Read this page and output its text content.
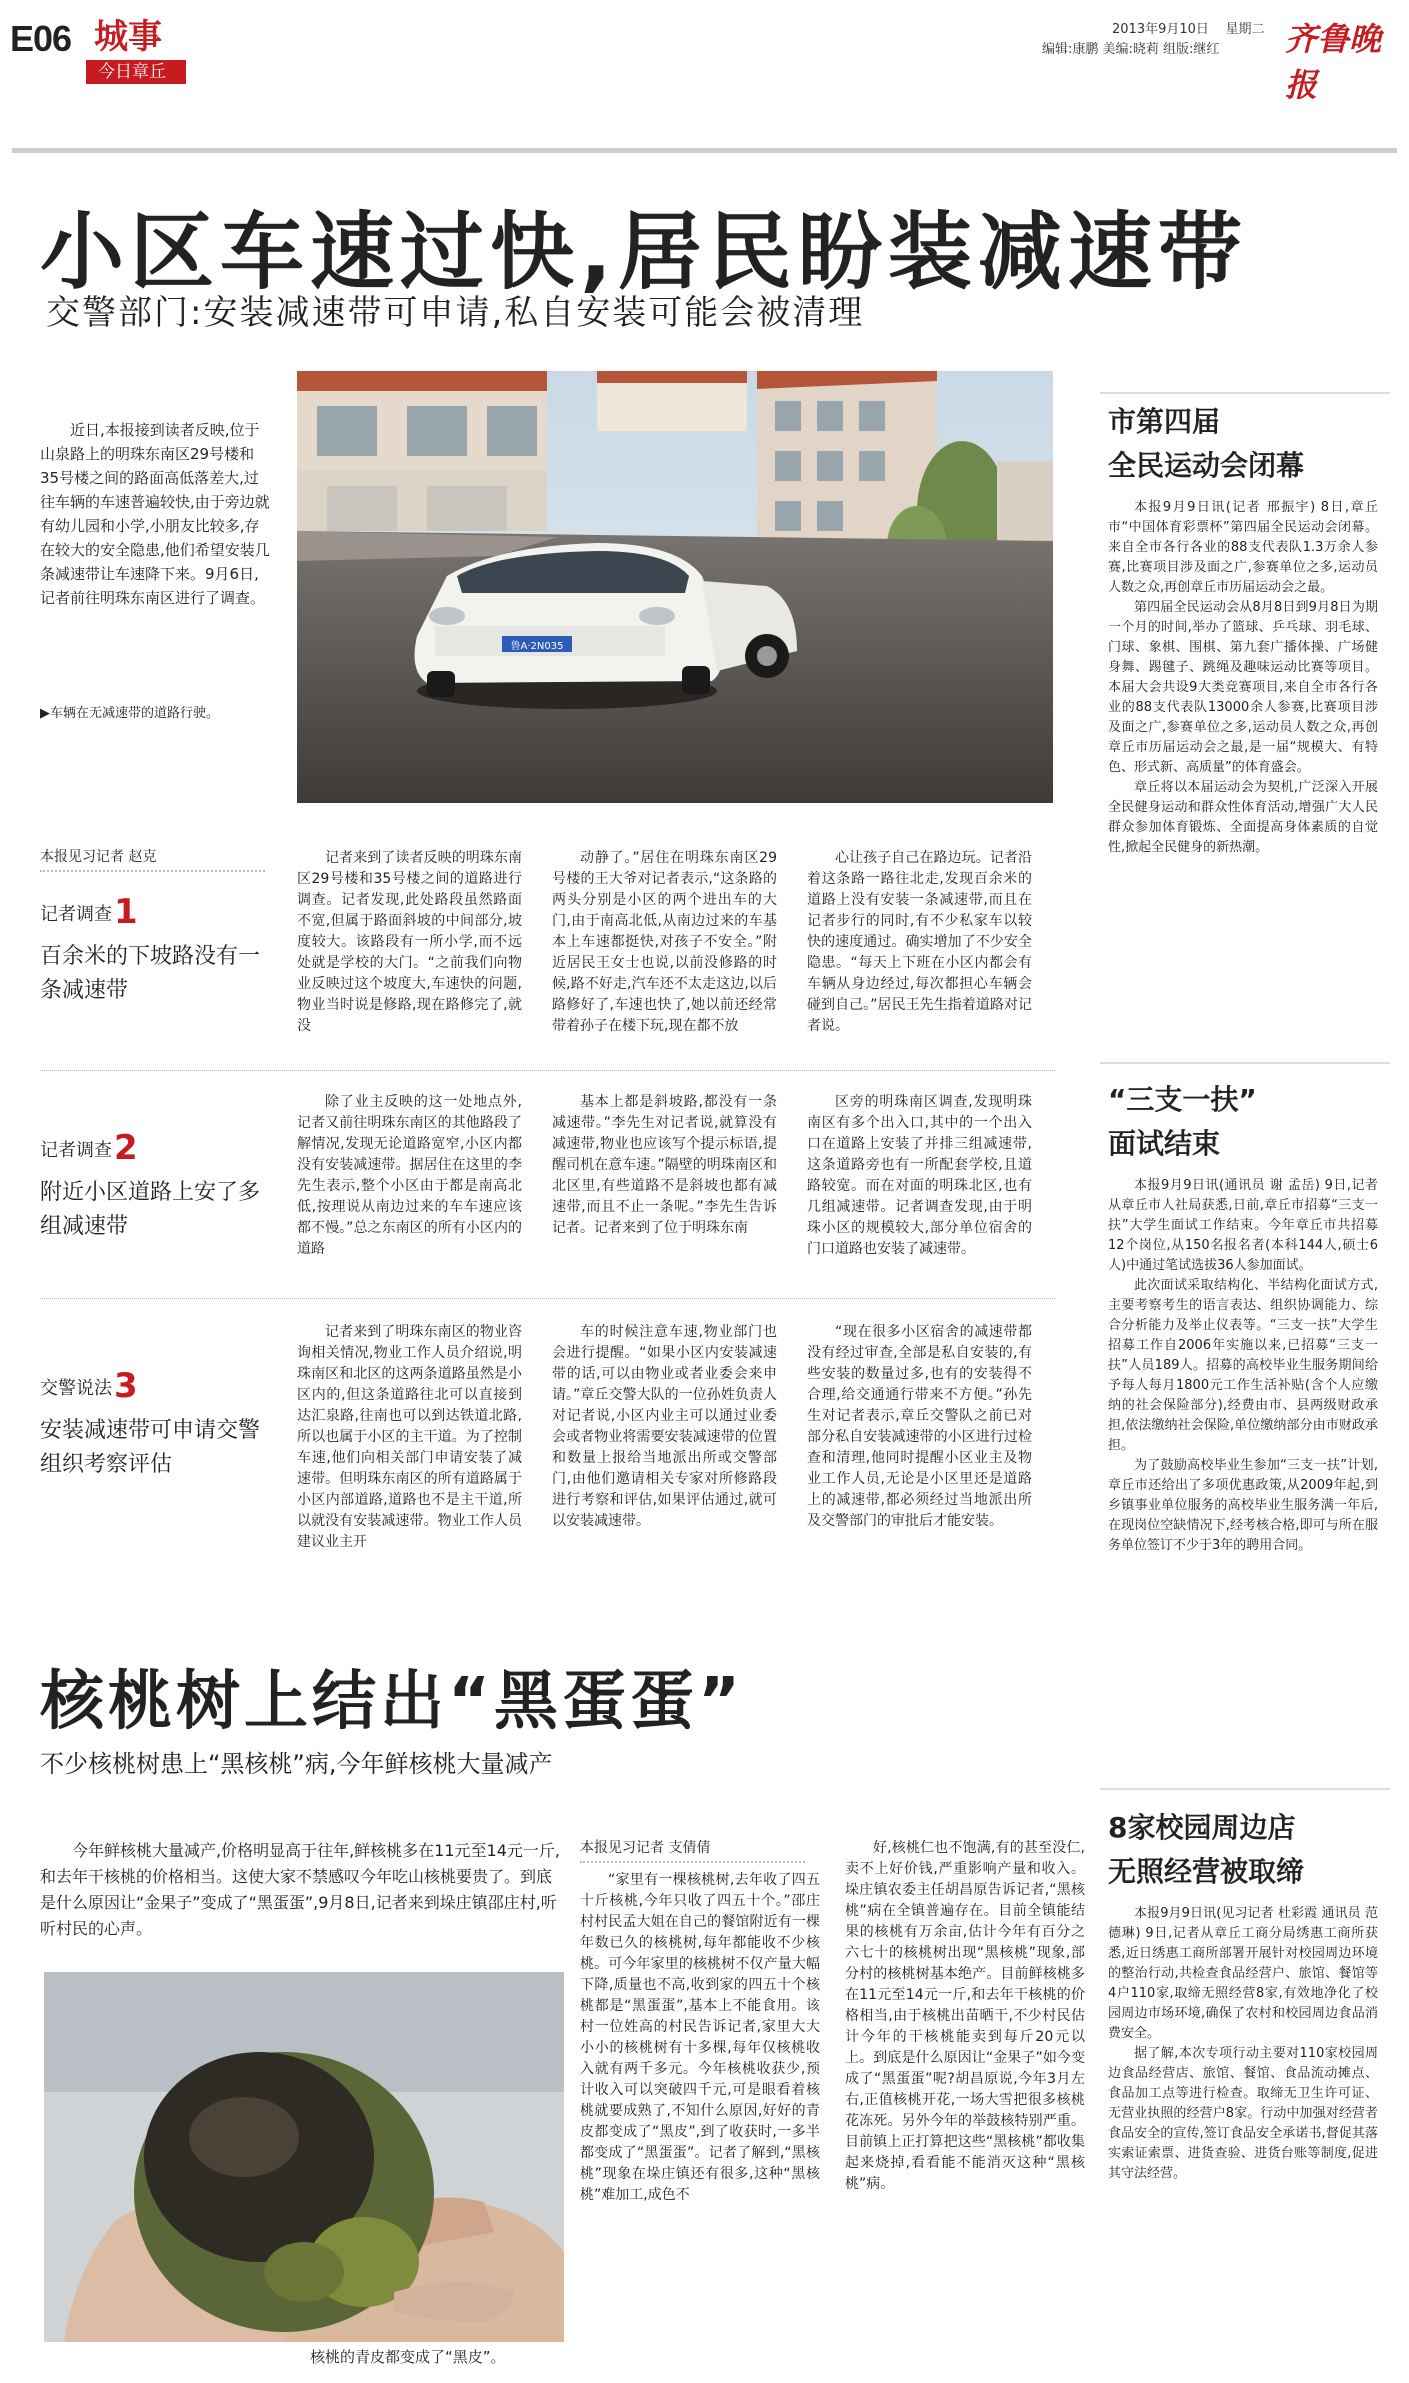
E06 城事
今日章丘
2013年9月10日 星期二
编辑:康鹏 美编:晓莉 组版:继红 齐鲁晚报
小区车速过快,居民盼装减速带
交警部门:安装减速带可申请,私自安装可能会被清理
近日,本报接到读者反映,位于山泉路上的明珠东南区29号楼和35号楼之间的路面高低落差大,过往车辆的车速普遍较快,由于旁边就有幼儿园和小学,小朋友比较多,存在较大的安全隐患,他们希望安装几条减速带让车速降下来。9月6日,记者前往明珠东南区进行了调查。
▶车辆在无减速带的道路行驶。
鲁A·2N035
本报见习记者 赵克
记者调查1
百余米的下坡路没有一条减速带

记者来到了读者反映的明珠东南区29号楼和35号楼之间的道路进行调查。记者发现,此处路段虽然路面不宽,但属于路面斜坡的中间部分,坡度较大。该路段有一所小学,而不远处就是学校的大门。“之前我们向物业反映过这个坡度大,车速快的问题,物业当时说是修路,现在路修完了,就没

动静了。”居住在明珠东南区29号楼的王大爷对记者表示,“这条路的两头分别是小区的两个进出车的大门,由于南高北低,从南边过来的车基本上车速都挺快,对孩子不安全。”附近居民王女士也说,以前没修路的时候,路不好走,汽车还不太走这边,以后路修好了,车速也快了,她以前还经常带着孙子在楼下玩,现在都不放

心让孩子自己在路边玩。记者沿着这条路一路往北走,发现百余米的道路上没有安装一条减速带,而且在记者步行的同时,有不少私家车以较快的速度通过。确实增加了不少安全隐患。“每天上下班在小区内都会有车辆从身边经过,每次都担心车辆会碰到自己。”居民王先生指着道路对记者说。

记者调查2
附近小区道路上安了多组减速带

除了业主反映的这一处地点外,记者又前往明珠东南区的其他路段了解情况,发现无论道路宽窄,小区内都没有安装减速带。据居住在这里的李先生表示,整个小区由于都是南高北低,按理说从南边过来的车车速应该都不慢。”总之东南区的所有小区内的道路

基本上都是斜坡路,都没有一条减速带。”李先生对记者说,就算没有减速带,物业也应该写个提示标语,提醒司机在意车速。”隔壁的明珠南区和北区里,有些道路不是斜坡也都有减速带,而且不止一条呢。”李先生告诉记者。记者来到了位于明珠东南

区旁的明珠南区调查,发现明珠南区有多个出入口,其中的一个出入口在道路上安装了并排三组减速带,这条道路旁也有一所配套学校,且道路较宽。而在对面的明珠北区,也有几组减速带。记者调查发现,由于明珠小区的规模较大,部分单位宿舍的门口道路也安装了减速带。

交警说法3
安装减速带可申请交警组织考察评估

记者来到了明珠东南区的物业咨询相关情况,物业工作人员介绍说,明珠南区和北区的这两条道路虽然是小区内的,但这条道路往北可以直接到达汇泉路,往南也可以到达铁道北路,所以也属于小区的主干道。为了控制车速,他们向相关部门申请安装了减速带。但明珠东南区的所有道路属于小区内部道路,道路也不是主干道,所以就没有安装减速带。物业工作人员建议业主开

车的时候注意车速,物业部门也会进行提醒。“如果小区内安装减速带的话,可以由物业或者业委会来申请。”章丘交警大队的一位孙姓负责人对记者说,小区内业主可以通过业委会或者物业将需要安装减速带的位置和数量上报给当地派出所或交警部门,由他们邀请相关专家对所修路段进行考察和评估,如果评估通过,就可以安装减速带。

“现在很多小区宿舍的减速带都没有经过审查,全部是私自安装的,有些安装的数量过多,也有的安装得不合理,给交通通行带来不方便。”孙先生对记者表示,章丘交警队之前已对部分私自安装减速带的小区进行过检查和清理,他同时提醒小区业主及物业工作人员,无论是小区里还是道路上的减速带,都必须经过当地派出所及交警部门的审批后才能安装。

核桃树上结出“黑蛋蛋”
不少核桃树患上“黑核桃”病,今年鲜核桃大量减产
今年鲜核桃大量减产,价格明显高于往年,鲜核桃多在11元至14元一斤,和去年干核桃的价格相当。这使大家不禁感叹今年吃山核桃要贵了。到底是什么原因让“金果子”变成了“黑蛋蛋”,9月8日,记者来到垛庄镇邵庄村,听听村民的心声。
核桃的青皮都变成了“黑皮”。
本报见习记者 支倩倩

“家里有一棵核桃树,去年收了四五十斤核桃,今年只收了四五十个。”邵庄村村民孟大姐在自己的餐馆附近有一棵年数已久的核桃树,每年都能收不少核桃。可今年家里的核桃树不仅产量大幅下降,质量也不高,收到家的四五十个核桃都是“黑蛋蛋”,基本上不能食用。该村一位姓高的村民告诉记者,家里大大小小的核桃树有十多棵,每年仅核桃收入就有两千多元。今年核桃收获少,预计收入可以突破四千元,可是眼看着核桃就要成熟了,不知什么原因,好好的青皮都变成了“黑皮”,到了收获时,一多半都变成了“黑蛋蛋”。记者了解到,“黑核桃”现象在垛庄镇还有很多,这种“黑核桃”难加工,成色不

好,核桃仁也不饱满,有的甚至没仁,卖不上好价钱,严重影响产量和收入。垛庄镇农委主任胡昌原告诉记者,“黑核桃”病在全镇普遍存在。目前全镇能结果的核桃有万余亩,估计今年有百分之六七十的核桃树出现“黑核桃”现象,部分村的核桃树基本绝产。目前鲜核桃多在11元至14元一斤,和去年干核桃的价格相当,由于核桃出苗晒干,不少村民估计今年的干核桃能卖到每斤20元以上。到底是什么原因让“金果子”如今变成了“黑蛋蛋”呢?胡昌原说,今年3月左右,正值核桃开花,一场大雪把很多核桃花冻死。另外今年的举鼓核特别严重。目前镇上正打算把这些“黑核桃”都收集起来烧掉,看看能不能消灭这种“黑核桃”病。

市第四届
全民运动会闭幕

本报9月9日讯(记者 邢振宇) 8日,章丘市“中国体育彩票杯”第四届全民运动会闭幕。来自全市各行各业的88支代表队1.3万余人参赛,比赛项目涉及面之广,参赛单位之多,运动员人数之众,再创章丘市历届运动会之最。

第四届全民运动会从8月8日到9月8日为期一个月的时间,举办了篮球、乒乓球、羽毛球、门球、象棋、围棋、第九套广播体操、广场健身舞、踢毽子、跳绳及趣味运动比赛等项目。本届大会共设9大类竞赛项目,来自全市各行各业的88支代表队13000余人参赛,比赛项目涉及面之广,参赛单位之多,运动员人数之众,再创章丘市历届运动会之最,是一届“规模大、有特色、形式新、高质量”的体育盛会。

章丘将以本届运动会为契机,广泛深入开展全民健身运动和群众性体育活动,增强广大人民群众参加体育锻炼、全面提高身体素质的自觉性,掀起全民健身的新热潮。

“三支一扶”
面试结束

本报9月9日讯(通讯员 谢 孟岳) 9日,记者从章丘市人社局获悉,日前,章丘市招募“三支一扶”大学生面试工作结束。今年章丘市共招募12个岗位,从150名报名者(本科144人,硕士6人)中通过笔试选拔36人参加面试。

此次面试采取结构化、半结构化面试方式,主要考察考生的语言表达、组织协调能力、综合分析能力及举止仪表等。“三支一扶”大学生招募工作自2006年实施以来,已招募“三支一扶”人员189人。招募的高校毕业生服务期间给予每人每月1800元工作生活补贴(含个人应缴纳的社会保险部分),经费由市、县两级财政承担,依法缴纳社会保险,单位缴纳部分由市财政承担。

为了鼓励高校毕业生参加“三支一扶”计划,章丘市还给出了多项优惠政策,从2009年起,到乡镇事业单位服务的高校毕业生服务满一年后,在现岗位空缺情况下,经考核合格,即可与所在服务单位签订不少于3年的聘用合同。

8家校园周边店
无照经营被取缔

本报9月9日讯(见习记者 杜彩霞 通讯员 范德琳) 9日,记者从章丘工商分局绣惠工商所获悉,近日绣惠工商所部署开展针对校园周边环境的整治行动,共检查食品经营户、旅馆、餐馆等4户110家,取缔无照经营8家,有效地净化了校园周边市场环境,确保了农村和校园周边食品消费安全。

据了解,本次专项行动主要对110家校园周边食品经营店、旅馆、餐馆、食品流动摊点、食品加工点等进行检查。取缔无卫生许可证、无营业执照的经营户8家。行动中加强对经营者食品安全的宣传,签订食品安全承诺书,督促其落实索证索票、进货查验、进货台账等制度,促进其守法经营。
